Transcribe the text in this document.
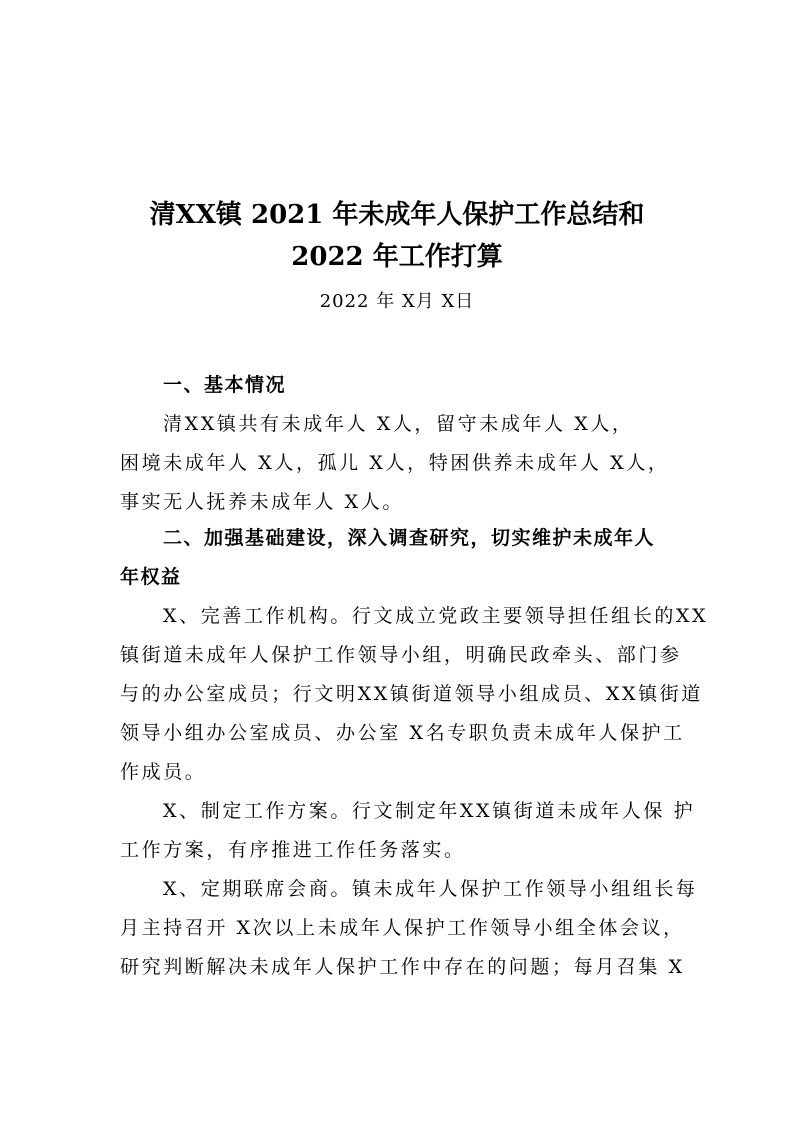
清XX镇 2021 年未成年人保护工作总结和
2022 年工作打算
2022 年 X月 X日
一、基本情况
清XX镇共有未成年人 X人，留守未成年人 X人，
困境未成年人 X人，孤儿 X人，特困供养未成年人 X人，
事实无人抚养未成年人 X人。
二、加强基础建设，深入调查研究，切实维护未成年人
年权益
X、完善工作机构。行文成立党政主要领导担任组长的XX
镇街道未成年人保护工作领导小组，明确民政牵头、部门参
与的办公室成员；行文明XX镇街道领导小组成员、XX镇街道
领导小组办公室成员、办公室 X名专职负责未成年人保护工
作成员。
X、制定工作方案。行文制定年XX镇街道未成年人保 护
工作方案，有序推进工作任务落实。
X、定期联席会商。镇未成年人保护工作领导小组组长每
月主持召开 X次以上未成年人保护工作领导小组全体会议，
研究判断解决未成年人保护工作中存在的问题；每月召集 X
